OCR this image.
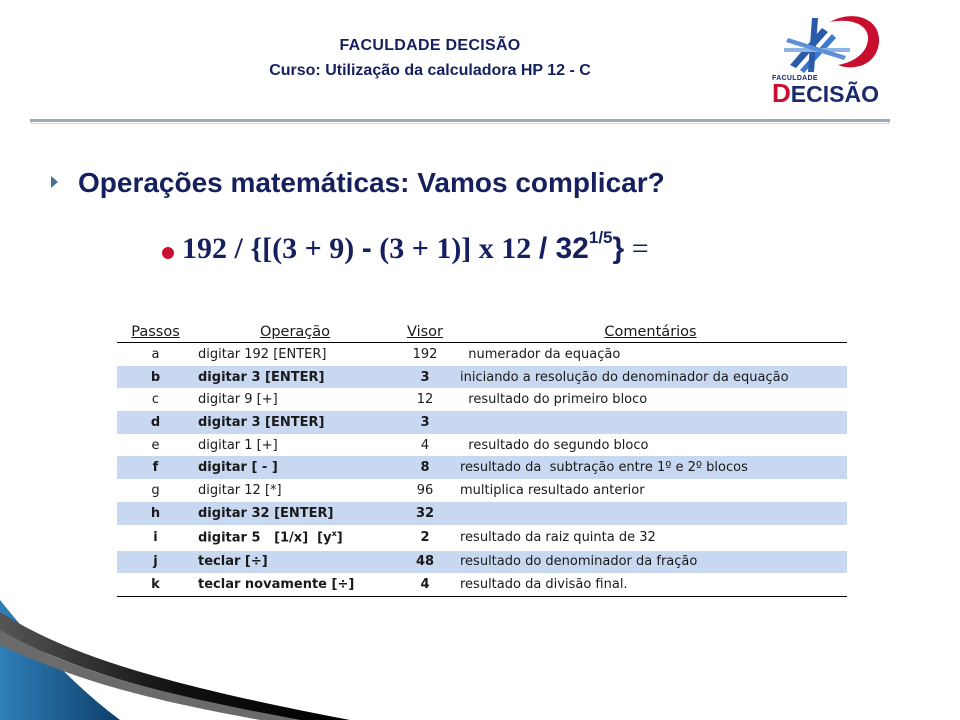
FACULDADE DECISÃO
Curso: Utilização da calculadora HP 12 - C	FACULDADE
DECISÃO
Operações matemáticas: Vamos complicar?
192 / {[(3 + 9) - (3 + 1)] x $12 / 32^{1/5}$} =
Passos	Operação	Visor	Comentários
a	digitar 192 [ENTER]	192	numerador da equação
b	digitar 3 [ENTER]	3	iniciando a resolução do denominador da equação
c	digitar 9 [+]	12	resultado do primeiro bloco
d	digitar 3 [ENTER]	3	
e	digitar 1 [+]	4	resultado do segundo bloco
f	digitar [ - ]	8	resultado da  subtração entre 1º e 2º blocos
g	digitar 12 [*]	96	multiplica resultado anterior
h	digitar 32 [ENTER]	32	
i	digitar 5   [1/x]  $[y^x]$	2	resultado da raiz quinta de 32
j	teclar [÷]	48	resultado do denominador da fração
k	teclar novamente [÷]	4	resultado da divisão final.
